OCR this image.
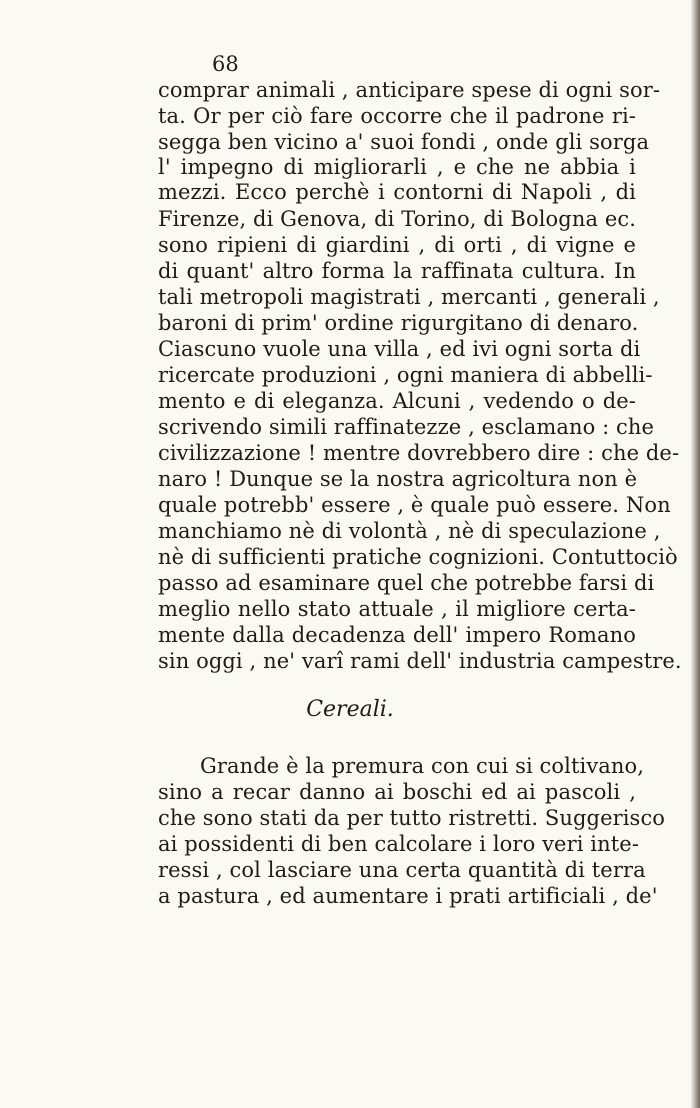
68
comprar animali , anticipare spese di ogni sor-
ta. Or per ciò fare occorre che il padrone ri-
segga ben vicino a' suoi fondi , onde gli sorga
l' impegno di migliorarli , e che ne abbia i
mezzi. Ecco perchè i contorni di Napoli , di
Firenze, di Genova, di Torino, di Bologna ec.
sono ripieni di giardini , di orti , di vigne e
di quant' altro forma la raffinata cultura. In
tali metropoli magistrati , mercanti , generali ,
baroni di prim' ordine rigurgitano di denaro.
Ciascuno vuole una villa , ed ivi ogni sorta di
ricercate produzioni , ogni maniera di abbelli-
mento e di eleganza. Alcuni , vedendo o de-
scrivendo simili raffinatezze , esclamano : che
civilizzazione ! mentre dovrebbero dire : che de-
naro ! Dunque se la nostra agricoltura non è
quale potrebb' essere , è quale può essere. Non
manchiamo nè di volontà , nè di speculazione ,
nè di sufficienti pratiche cognizioni. Contuttociò
passo ad esaminare quel che potrebbe farsi di
meglio nello stato attuale , il migliore certa-
mente dalla decadenza dell' impero Romano
sin oggi , ne' varî rami dell' industria campestre.
Cereali.
Grande è la premura con cui si coltivano,
sino a recar danno ai boschi ed ai pascoli ,
che sono stati da per tutto ristretti. Suggerisco
ai possidenti di ben calcolare i loro veri inte-
ressi , col lasciare una certa quantità di terra
a pastura , ed aumentare i prati artificiali , de'
